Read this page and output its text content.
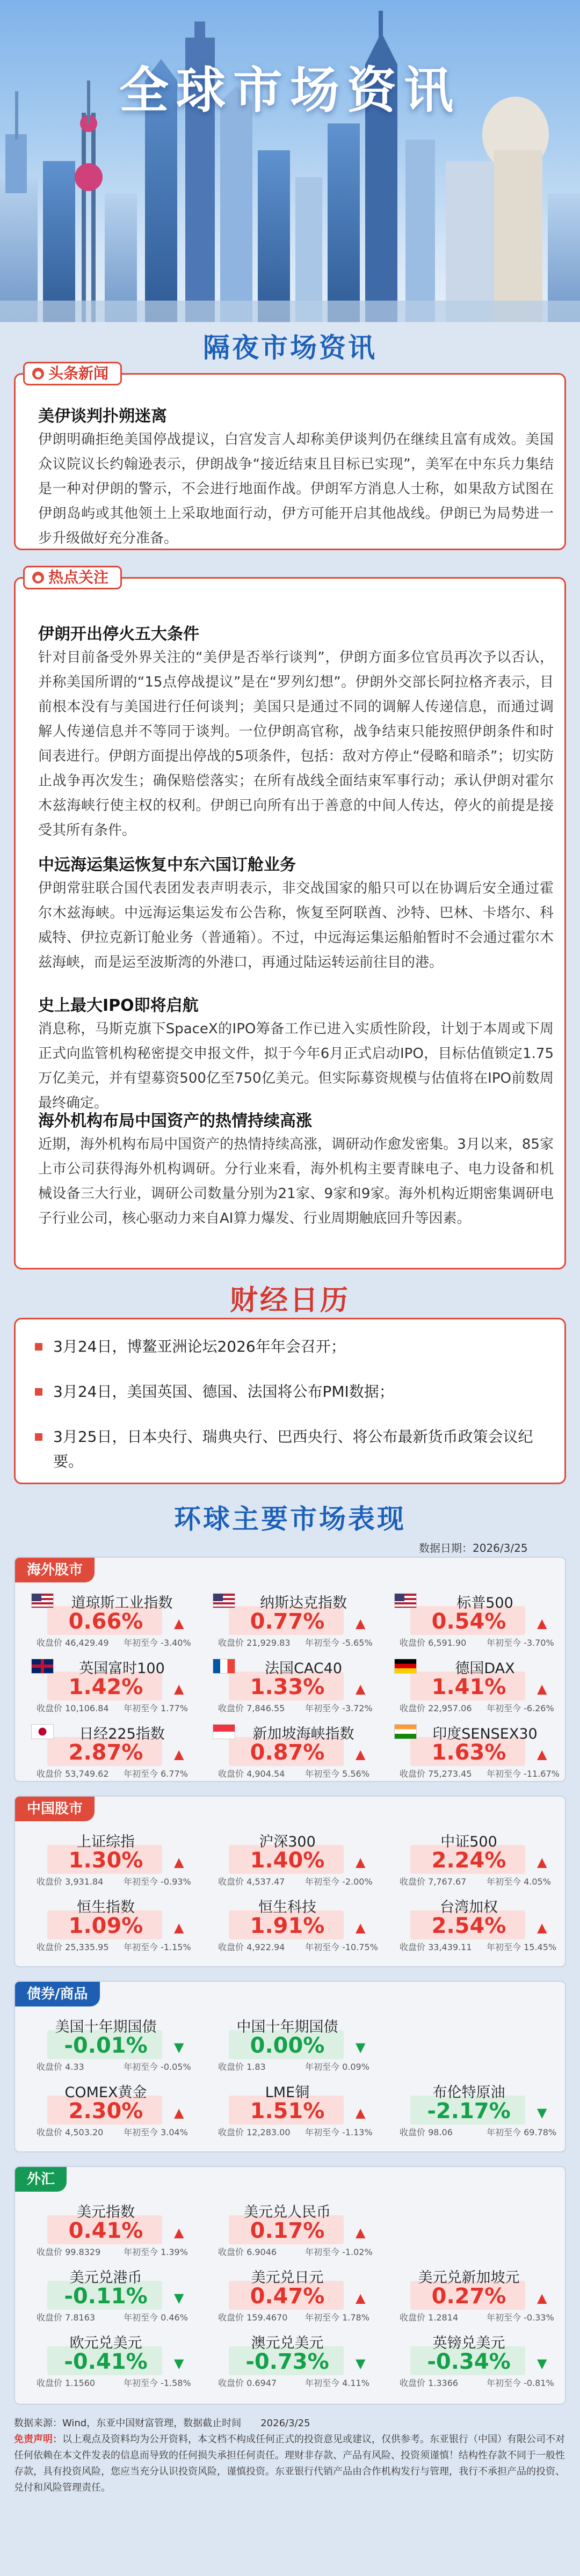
全球市场资讯
隔夜市场资讯
● 头条新闻
美伊谈判扑朔迷离
伊朗明确拒绝美国停战提议，白宫发言人却称美伊谈判仍在继续且富有成效。美国众议院议长约翰逊表示，伊朗战争“接近结束且目标已实现”，美军在中东兵力集结是一种对伊朗的警示，不会进行地面作战。伊朗军方消息人士称，如果敌方试图在伊朗岛屿或其他领土上采取地面行动，伊方可能开启其他战线。伊朗已为局势进一步升级做好充分准备。
● 热点关注
伊朗开出停火五大条件
针对目前备受外界关注的“美伊是否举行谈判”，伊朗方面多位官员再次予以否认，并称美国所谓的“15点停战提议”是在“罗列幻想”。伊朗外交部长阿拉格齐表示，目前根本没有与美国进行任何谈判；美国只是通过不同的调解人传递信息，而通过调解人传递信息并不等同于谈判。一位伊朗高官称，战争结束只能按照伊朗条件和时间表进行。伊朗方面提出停战的5项条件，包括：敌对方停止“侵略和暗杀”；切实防止战争再次发生；确保赔偿落实；在所有战线全面结束军事行动；承认伊朗对霍尔木兹海峡行使主权的权利。伊朗已向所有出于善意的中间人传达，停火的前提是接受其所有条件。
中远海运集运恢复中东六国订舱业务
伊朗常驻联合国代表团发表声明表示，非交战国家的船只可以在协调后安全通过霍尔木兹海峡。中远海运集运发布公告称，恢复至阿联酋、沙特、巴林、卡塔尔、科威特、伊拉克新订舱业务（普通箱）。不过，中远海运集运船舶暂时不会通过霍尔木兹海峡，而是运至波斯湾的外港口，再通过陆运转运前往目的港。
史上最大IPO即将启航
消息称，马斯克旗下SpaceX的IPO筹备工作已进入实质性阶段，计划于本周或下周正式向监管机构秘密提交申报文件，拟于今年6月正式启动IPO，目标估值锁定1.75万亿美元，并有望募资500亿至750亿美元。但实际募资规模与估值将在IPO前数周最终确定。
海外机构布局中国资产的热情持续高涨
近期，海外机构布局中国资产的热情持续高涨，调研动作愈发密集。3月以来，85家上市公司获得海外机构调研。分行业来看，海外机构主要青睐电子、电力设备和机械设备三大行业，调研公司数量分别为21家、9家和9家。海外机构近期密集调研电子行业公司，核心驱动力来自AI算力爆发、行业周期触底回升等因素。
财经日历
3月24日，博鳌亚洲论坛2026年年会召开；
3月24日，美国英国、德国、法国将公布PMI数据；
3月25日，日本央行、瑞典央行、巴西央行、将公布最新货币政策会议纪要。
环球主要市场表现
数据日期：2026/3/25
海外股市
道琼斯工业指数
0.66%	▲
收盘价 46,429.49 年初至今 -3.40%
纳斯达克指数
0.77%	▲
收盘价 21,929.83 年初至今 -5.65%
标普500
0.54%	▲
收盘价 6,591.90 年初至今 -3.70%
英国富时100
1.42%	▲
收盘价 10,106.84 年初至今 1.77%
法国CAC40
1.33%	▲
收盘价 7,846.55 年初至今 -3.72%
德国DAX
1.41%	▲
收盘价 22,957.06 年初至今 -6.26%
日经225指数
2.87%	▲
收盘价 53,749.62 年初至今 6.77%
新加坡海峡指数
0.87%	▲
收盘价 4,904.54 年初至今 5.56%
印度SENSEX30
1.63%	▲
收盘价 75,273.45 年初至今 -11.67%
中国股市
上证综指
1.30%	▲
收盘价 3,931.84 年初至今 -0.93%
沪深300
1.40%	▲
收盘价 4,537.47 年初至今 -2.00%
中证500
2.24%	▲
收盘价 7,767.67 年初至今 4.05%
恒生指数
1.09%	▲
收盘价 25,335.95 年初至今 -1.15%
恒生科技
1.91%	▲
收盘价 4,922.94 年初至今 -10.75%
台湾加权
2.54%	▲
收盘价 33,439.11 年初至今 15.45%
债券/商品
美国十年期国债
-0.01%	▼
收盘价 4.33	年初至今 -0.05%
中国十年期国债
0.00%	▼
收盘价 1.83	年初至今 0.09%
COMEX黄金
2.30%	▲
收盘价 4,503.20 年初至今 3.04%
LME铜
1.51%	▲
收盘价 12,283.00 年初至今 -1.13%
布伦特原油
-2.17%	▼
收盘价 98.06	年初至今 69.78%
外汇
美元指数
0.41%	▲
收盘价 99.8329	年初至今 1.39%
美元兑人民币
0.17%	▲
收盘价 6.9046	年初至今 -1.02%
美元兑港币
-0.11%	▼
收盘价 7.8163	年初至今 0.46%
美元兑日元
0.47%	▲
收盘价 159.4670 年初至今 1.78%
美元兑新加坡元
0.27%	▲
收盘价 1.2814	年初至今 -0.33%
欧元兑美元
-0.41%	▼
收盘价 1.1560	年初至今 -1.58%
澳元兑美元
-0.73%	▼
收盘价 0.6947	年初至今 4.11%
英镑兑美元
-0.34%	▼
收盘价 1.3366	年初至今 -0.81%
数据来源：Wind，东亚中国财富管理，数据截止时间　　2026/3/25
免责声明：以上观点及资料均为公开资料，本文档不构成任何正式的投资意见或建议，仅供参考。东亚银行（中国）有限公司不对任何依赖在本文件发表的信息而导致的任何损失承担任何责任。理财非存款、产品有风险、投资须谨慎！结构性存款不同于一般性存款，具有投资风险，您应当充分认识投资风险，谨慎投资。东亚银行代销产品由合作机构发行与管理，我行不承担产品的投资、兑付和风险管理责任。
